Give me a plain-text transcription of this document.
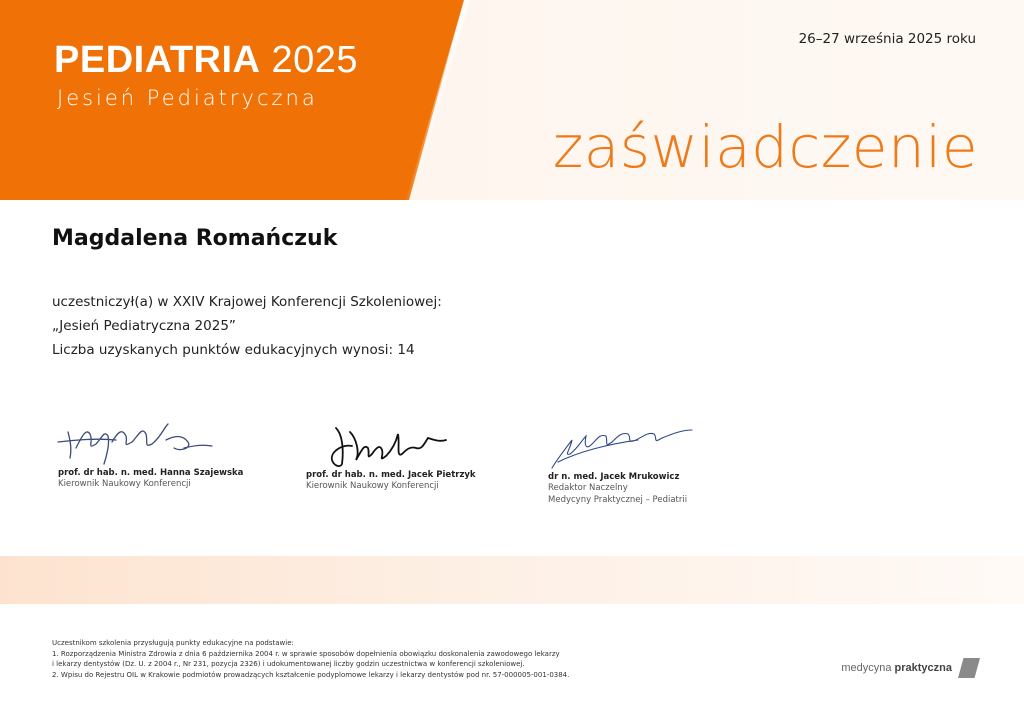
PEDIATRIA 2025
Jesień Pediatryczna
26–27 września 2025 roku
zaświadczenie
Magdalena Romańczuk
uczestniczył(a) w XXIV Krajowej Konferencji Szkoleniowej:
„Jesień Pediatryczna 2025”
Liczba uzyskanych punktów edukacyjnych wynosi: 14
prof. dr hab. n. med. Hanna Szajewska
Kierownik Naukowy Konferencji
prof. dr hab. n. med. Jacek Pietrzyk
Kierownik Naukowy Konferencji
dr n. med. Jacek Mrukowicz
Redaktor Naczelny
Medycyny Praktycznej – Pediatrii
Uczestnikom szkolenia przysługują punkty edukacyjne na podstawie:
1. Rozporządzenia Ministra Zdrowia z dnia 6 października 2004 r. w sprawie sposobów dopełnienia obowiązku doskonalenia zawodowego lekarzy
i lekarzy dentystów (Dz. U. z 2004 r., Nr 231, pozycja 2326) i udokumentowanej liczby godzin uczestnictwa w konferencji szkoleniowej.
2. Wpisu do Rejestru OIL w Krakowie podmiotów prowadzących kształcenie podyplomowe lekarzy i lekarzy dentystów pod nr. 57-000005-001-0384.
medycyna praktyczna
